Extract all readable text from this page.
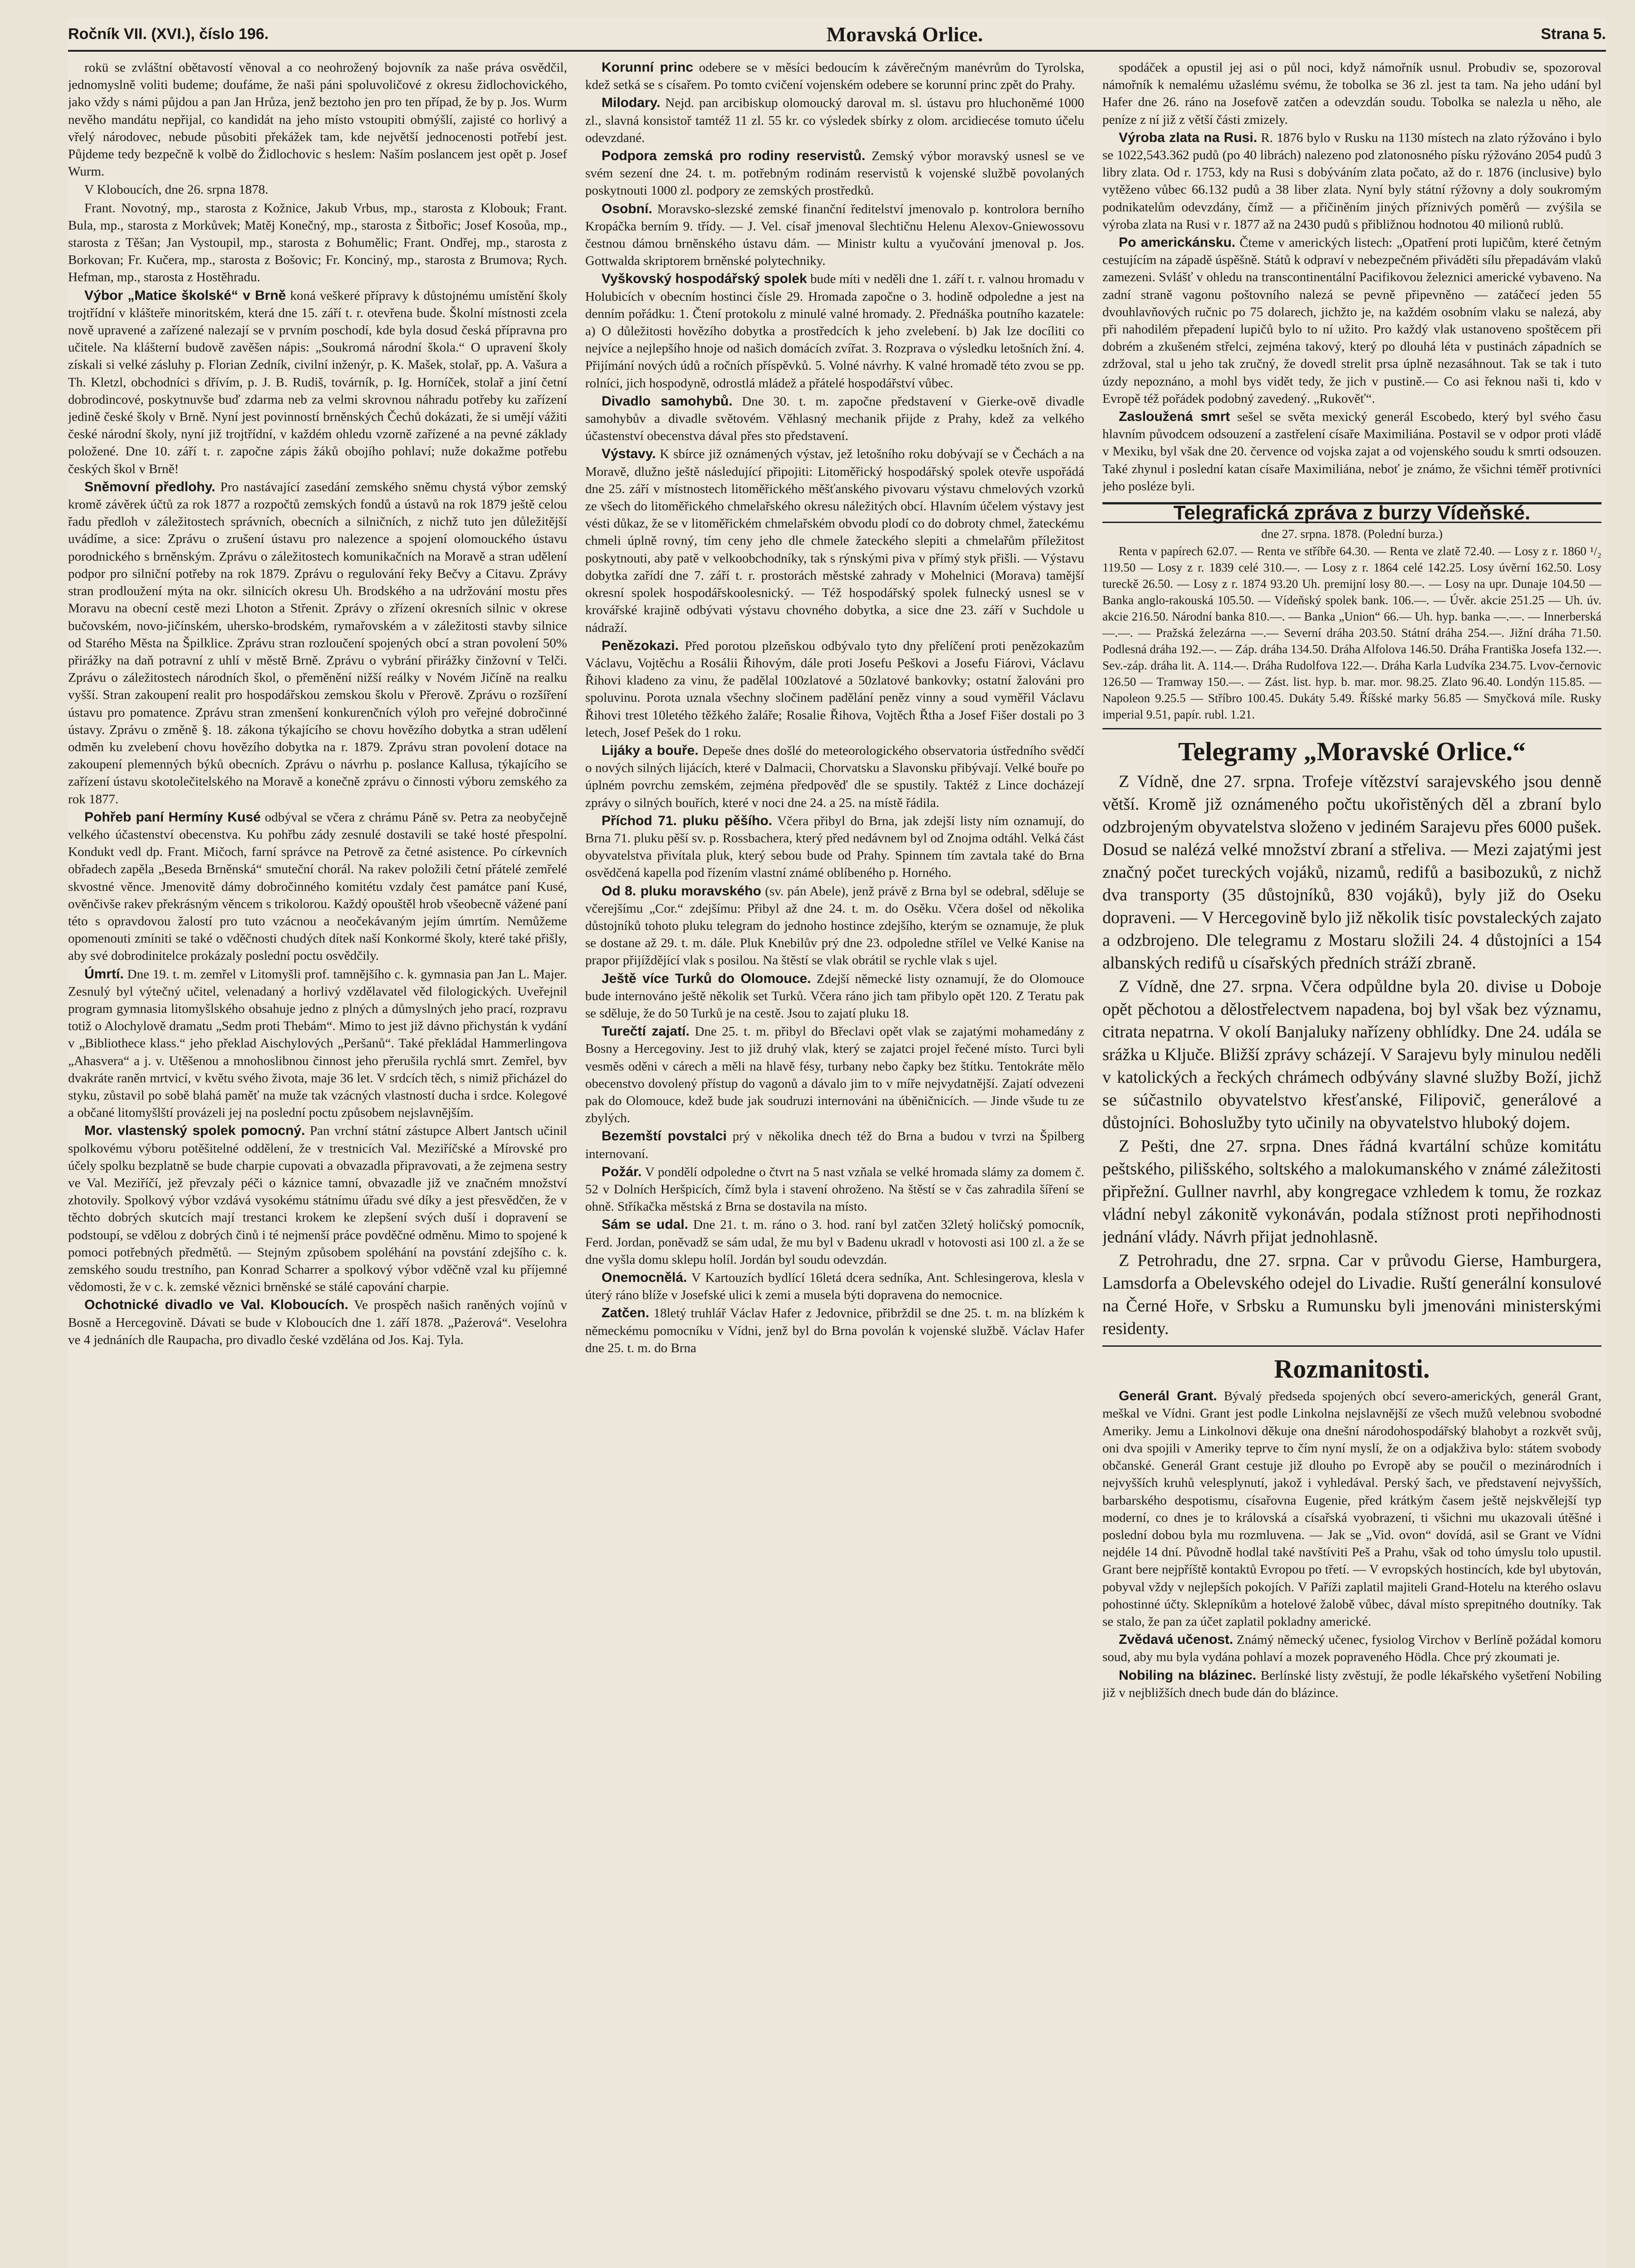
Ročník VII. (XVI.), číslo 196.	Moravská Orlice.	Strana 5.

rokü se zvláštní obětavostí věnoval a co neohrožený bojovník za naše práva osvědčil, jednomyslně voliti budeme; doufáme, že naši páni spoluvoličové z okresu židlochovického, jako vždy s námi půjdou a pan Jan Hrůza, jenž beztoho jen pro ten případ, že by p. Jos. Wurm nevěho mandátu nepřijal, co kandidát na jeho místo vstoupiti obmýšlí, zajisté co horlivý a vřelý národovec, nebude působiti překážek tam, kde největší jednocenosti potřebí jest. Půjdeme tedy bezpečně k volbě do Židlochovic s heslem: Naším poslancem jest opět p. Josef Wurm.

V Kloboucích, dne 26. srpna 1878.

Frant. Novotný, mp., starosta z Kožnice, Jakub Vrbus, mp., starosta z Klobouk; Frant. Bula, mp., starosta z Morkůvek; Matěj Konečný, mp., starosta z Šitbořic; Josef Kosoůa, mp., starosta z Těšan; Jan Vystoupil, mp., starosta z Bohumělic; Frant. Ondřej, mp., starosta z Borkovan; Fr. Kučera, mp., starosta z Bošovic; Fr. Konciný, mp., starosta z Brumova; Rych. Hefman, mp., starosta z Hostěhradu.

Výbor „Matice školské“ v Brně koná veškeré přípravy k důstojnému umístění školy trojtřídní v klášteře minoritském, která dne 15. září t. r. otevřena bude. Školní místnosti zcela nově upravené a zařízené nalezají se v prvním poschodí, kde byla dosud česká přípravna pro učitele. Na klášterní budově zavěšen nápis: „Soukromá národní škola.“ O upravení školy získali si velké zásluhy p. Florian Zedník, civilní inženýr, p. K. Mašek, stolař, pp. A. Vašura a Th. Kletzl, obchodníci s dřívím, p. J. B. Rudiš, továrník, p. Ig. Horníček, stolař a jiní četní dobrodincové, poskytnuvše buď zdarma neb za velmi skrovnou náhradu potřeby ku zařízení jedině české školy v Brně. Nyní jest povinností brněnských Čechů dokázati, že si umějí vážiti české národní školy, nyní již trojtřídní, v každém ohledu vzorně zařízené a na pevné základy položené. Dne 10. září t. r. započne zápis žáků obojího pohlaví; nuže dokažme potřebu českých škol v Brně!

Sněmovní předlohy. Pro nastávající zasedání zemského sněmu chystá výbor zemský kromě závěrek účtů za rok 1877 a rozpočtů zemských fondů a ústavů na rok 1879 ještě celou řadu předloh v záležitostech správních, obecních a silničních, z nichž tuto jen důležitější uvádíme, a sice: Zprávu o zrušení ústavu pro nalezence a spojení olomouckého ústavu porodnického s brněnským. Zprávu o záležitostech komunikačních na Moravě a stran udělení podpor pro silniční potřeby na rok 1879. Zprávu o regulování řeky Bečvy a Citavu. Zprávy stran prodloužení mýta na okr. silnicích okresu Uh. Brodského a na udržování mostu přes Moravu na obecní cestě mezi Lhoton a Střenit. Zprávy o zřízení okresních silnic v okrese bučovském, novo-jičínském, uhersko-brodském, rymařovském a v záležitosti stavby silnice od Starého Města na Špilklice. Zprávu stran rozloučení spojených obcí a stran povolení 50% přirážky na daň potravní z uhlí v městě Brně. Zprávu o vybrání přirážky činžovní v Telči. Zprávu o záležitostech národních škol, o přeměnění nižší reálky v Novém Jičíně na realku vyšší. Stran zakoupení realit pro hospodářskou zemskou školu v Přerově. Zprávu o rozšíření ústavu pro pomatence. Zprávu stran zmenšení konkurenčních výloh pro veřejné dobročinné ústavy. Zprávu o změně §. 18. zákona týkajícího se chovu hovězího dobytka a stran udělení odměn ku zvelebení chovu hovězího dobytka na r. 1879. Zprávu stran povolení dotace na zakoupení plemenných býků obecních. Zprávu o návrhu p. poslance Kallusa, týkajícího se zařízení ústavu skotolečitelského na Moravě a konečně zprávu o činnosti výboru zemského za rok 1877.

Pohřeb paní Hermíny Kusé odbýval se včera z chrámu Páně sv. Petra za neobyčejně velkého účastenství obecenstva. Ku pohřbu zády zesnulé dostavili se také hosté přespolní. Kondukt vedl dp. Frant. Mičoch, farní správce na Petrově za četné asistence. Po církevních obřadech zapěla „Beseda Brněnská“ smuteční chorál. Na rakev položili četní přátelé zemřelé skvostné věnce. Jmenovitě dámy dobročinného komitétu vzdaly čest památce paní Kusé, ověnčivše rakev překrásným věncem s trikolorou. Každý opouštěl hrob všeobecně vážené paní této s opravdovou žalostí pro tuto vzácnou a neočekávaným jejím úmrtím. Nemůžeme opomenouti zmíniti se také o vděčnosti chudých dítek naší Konkormé školy, které také přišly, aby své dobrodinitelce prokázaly poslední poctu osvědčily.

Úmrtí. Dne 19. t. m. zemřel v Litomyšli prof. tamnějšího c. k. gymnasia pan Jan L. Majer. Zesnulý byl výtečný učitel, velenadaný a horlivý vzdělavatel věd filologických. Uveřejnil program gymnasia litomyšlského obsahuje jedno z plných a důmyslných jeho prací, rozpravu totiž o Alochylově dramatu „Sedm proti Thebám“. Mimo to jest již dávno přichystán k vydání v „Bibliothece klass.“ jeho překlad Aischylových „Peršanů“. Také překládal Hammerlingova „Ahasvera“ a j. v. Utěšenou a mnohoslibnou činnost jeho přerušila rychlá smrt. Zemřel, byv dvakráte raněn mrtvicí, v květu svého života, maje 36 let. V srdcích těch, s nimiž přicházel do styku, zůstavil po sobě blahá paměť na muže tak vzácných vlastností ducha i srdce. Kolegové a občané litomyšlští provázeli jej na poslední poctu způsobem nejslavnějším.

Mor. vlastenský spolek pomocný. Pan vrchní státní zástupce Albert Jantsch učinil spolkovému výboru potěšitelné oddělení, že v trestnicích Val. Meziříčské a Mírovské pro účely spolku bezplatně se bude charpie cupovati a obvazadla připravovati, a že zejmena sestry ve Val. Meziříčí, jež převzaly péči o káznice tamní, obvazadle již ve značném množství zhotovily. Spolkový výbor vzdává vysokému státnímu úřadu své díky a jest přesvědčen, že v těchto dobrých skutcích mají trestanci krokem ke zlepšení svých duší i dopravení se podstoupí, se vdělou z dobrých činů i té nejmenší práce povděčné odměnu. Mimo to spojené k pomoci potřebných předmětů. — Stejným způsobem spoléhání na povstání zdejšího c. k. zemského soudu trestního, pan Konrad Scharrer a spolkový výbor vděčně vzal ku příjemné vědomosti, že v c. k. zemské věznici brněnské se stálé capování charpie.

Ochotnické divadlo ve Val. Kloboucích. Ve prospěch našich raněných vojínů v Bosně a Hercegovině. Dávati se bude v Kloboucích dne 1. září 1878. „Paźerová“. Veselohra ve 4 jednáních dle Raupacha, pro divadlo české vzdělána od Jos. Kaj. Tyla.

Korunní princ odebere se v měsíci bedoucím k závěrečným manévrům do Tyrolska, kdež setká se s císařem. Po tomto cvičení vojenském odebere se korunní princ zpět do Prahy.

Milodary. Nejd. pan arcibiskup olomoucký daroval m. sl. ústavu pro hluchoněmé 1000 zl., slavná konsistoř tamtéž 11 zl. 55 kr. co výsledek sbírky z olom. arcidiecése tomuto účelu odevzdané.

Podpora zemská pro rodiny reservistů. Zemský výbor moravský usnesl se ve svém sezení dne 24. t. m. potřebným rodinám reservistů k vojenské službě povolaných poskytnouti 1000 zl. podpory ze zemských prostředků.

Osobní. Moravsko-slezské zemské finanční ředitelství jmenovalo p. kontrolora berního Kropáčka berním 9. třídy. — J. Vel. císař jmenoval šlechtičnu Helenu Alexov-Gniewossovu čestnou dámou brněnského ústavu dám. — Ministr kultu a vyučování jmenoval p. Jos. Gottwalda skriptorem brněnské polytechniky.

Vyškovský hospodářský spolek bude míti v neděli dne 1. září t. r. valnou hromadu v Holubicích v obecním hostinci čísle 29. Hromada započne o 3. hodině odpoledne a jest na denním pořádku: 1. Čtení protokolu z minulé valné hromady. 2. Přednáška poutního kazatele: a) O důležitosti hovězího dobytka a prostředcích k jeho zvelebení. b) Jak lze docíliti co nejvíce a nejlepšího hnoje od našich domácích zvířat. 3. Rozprava o výsledku letošních žní. 4. Přijímání nových údů a ročních příspěvků. 5. Volné návrhy. K valné hromadě této zvou se pp. rolníci, jich hospodyně, odrostlá mládež a přátelé hospodářství vůbec.

Divadlo samohybů. Dne 30. t. m. započne představení v Gierke-ově divadle samohybův a divadle světovém. Věhlasný mechanik přijde z Prahy, kdež za velkého účastenství obecenstva dával přes sto představení.

Výstavy. K sbírce již oznámených výstav, jež letošního roku dobývají se v Čechách a na Moravě, dlužno ještě následující připojiti: Litoměřický hospodářský spolek otevře uspořádá dne 25. září v místnostech litoměřického měšťanského pivovaru výstavu chmelových vzorků ze všech do litoměřického chmelařského okresu náležitých obcí. Hlavním účelem výstavy jest vésti důkaz, že se v litoměřickém chmelařském obvodu plodí co do dobroty chmel, žateckému chmeli úplně rovný, tím ceny jeho dle chmele žateckého slepiti a chmelařům příležitost poskytnouti, aby patě v velkoobchodníky, tak s rýnskými piva v přímý styk přišli. — Výstavu dobytka zařídí dne 7. září t. r. prostorách městské zahrady v Mohelnici (Morava) tamější okresní spolek hospodářskoolesnický. — Též hospodářský spolek fulnecký usnesl se v krovářské krajině odbývati výstavu chovného dobytka, a sice dne 23. září v Suchdole u nádraží.

Penězokazi. Před porotou plzeňskou odbývalo tyto dny přelíčení proti penězokazům Václavu, Vojtěchu a Rosálii Řihovým, dále proti Josefu Peškovi a Josefu Fiárovi, Václavu Řihovi kladeno za vinu, že padělal 100zlatové a 50zlatové bankovky; ostatní žalováni pro spoluvinu. Porota uznala všechny sločinem padělání peněz vinny a soud vyměřil Václavu Řihovi trest 10letého těžkého žaláře; Rosalie Řihova, Vojtěch Řtha a Josef Fišer dostali po 3 letech, Josef Pešek do 1 roku.

Lijáky a bouře. Depeše dnes došlé do meteorologického observatoria ústředního svědčí o nových silných lijácích, které v Dalmacii, Chorvatsku a Slavonsku přibývají. Velké bouře po úplném povrchu zemském, zejména předpověď dle se spustily. Taktéž z Lince docházejí zprávy o silných bouřích, které v noci dne 24. a 25. na místě řádila.

Příchod 71. pluku pěšího. Včera přibyl do Brna, jak zdejší listy ním oznamují, do Brna 71. pluku pěší sv. p. Rossbachera, který před nedávnem byl od Znojma odtáhl. Velká část obyvatelstva přivítala pluk, který sebou bude od Prahy. Spinnem tím zavtala také do Brna osvědčená kapella pod řízením vlastní známé oblíbeného p. Horného.

Od 8. pluku moravského (sv. pán Abele), jenž právě z Brna byl se odebral, sděluje se včerejšímu „Cor.“ zdejšímu: Přibyl až dne 24. t. m. do Osěku. Včera došel od několika důstojníků tohoto pluku telegram do jednoho hostince zdejšího, kterým se oznamuje, že pluk se dostane až 29. t. m. dále. Pluk Knebilův prý dne 23. odpoledne střílel ve Velké Kanise na prapor přijíždějící vlak s posilou. Na štěstí se vlak obrátil se rychle vlak s ujel.

Ještě více Turků do Olomouce. Zdejší německé listy oznamují, že do Olomouce bude internováno ještě několik set Turků. Včera ráno jich tam přibylo opět 120. Z Teratu pak se sděluje, že do 50 Turků je na cestě. Jsou to zajatí pluku 18.

Turečtí zajatí. Dne 25. t. m. přibyl do Břeclavi opět vlak se zajatými mohamedány z Bosny a Hercegoviny. Jest to již druhý vlak, který se zajatci projel řečené místo. Turci byli vesměs oděni v cárech a měli na hlavě fésy, turbany nebo čapky bez štítku. Tentokráte mělo obecenstvo dovolený přístup do vagonů a dávalo jim to v míře nejvydatnější. Zajatí odvezeni pak do Olomouce, kdež bude jak soudruzi internováni na úběničnicích. — Jinde všude tu ze zbylých.

Bezemští povstalci prý v několika dnech též do Brna a budou v tvrzi na Špilberg internovaní.

Požár. V pondělí odpoledne o čtvrt na 5 nast vzňala se velké hromada slámy za domem č. 52 v Dolních Heršpicích, čímž byla i stavení ohroženo. Na štěstí se v čas zahradila šíření se ohně. Stříkačka městská z Brna se dostavila na místo.

Sám se udal. Dne 21. t. m. ráno o 3. hod. raní byl zatčen 32letý holičský pomocník, Ferd. Jordan, poněvadž se sám udal, že mu byl v Badenu ukradl v hotovosti asi 100 zl. a že se dne vyšla domu sklepu holíl. Jordán byl soudu odevzdán.

Onemocnělá. V Kartouzích bydlící 16letá dcera sedníka, Ant. Schlesingerova, klesla v úterý ráno blíže v Josefské ulici k zemi a musela býti dopravena do nemocnice.

Zatčen. 18letý truhlář Václav Hafer z Jedovnice, přibrždil se dne 25. t. m. na blízkém k německému pomocníku v Vídni, jenž byl do Brna povolán k vojenské službě. Václav Hafer dne 25. t. m. do Brna

spodáček a opustil jej asi o půl noci, když námořník usnul. Probudiv se, spozoroval námořník k nemalému užaslému svému, že tobolka se 36 zl. jest ta tam. Na jeho udání byl Hafer dne 26. ráno na Josefově zatčen a odevzdán soudu. Tobolka se nalezla u něho, ale peníze z ní již z větší části zmizely.

Výroba zlata na Rusi. R. 1876 bylo v Rusku na 1130 místech na zlato rýžováno i bylo se 1022,543.362 pudů (po 40 librách) nalezeno pod zlatonosného písku rýžováno 2054 pudů 3 libry zlata. Od r. 1753, kdy na Rusi s dobýváním zlata počato, až do r. 1876 (inclusive) bylo vytěženo vůbec 66.132 pudů a 38 liber zlata. Nyní byly státní rýžovny a doly soukromým podnikatelům odevzdány, čímž — a přičiněním jiných příznivých poměrů — zvýšila se výroba zlata na Rusi v r. 1877 až na 2430 pudů s přibližnou hodnotou 40 milionů rublů.

Po americkánsku. Čteme v amerických listech: „Opatření proti lupičům, které četným cestujícím na západě úspěšně. Států k odpraví v nebezpečném přiváděti sílu přepadávám vlaků zamezeni. Svlášť v ohledu na transcontinentální Pacifikovou železnici americké vybaveno. Na zadní straně vagonu poštovního nalezá se pevně připevněno — zatáčecí jeden 55 dvouhlavňových ručnic po 75 dolarech, jichžto je, na každém osobním vlaku se nalezá, aby při nahodilém přepadení lupičů bylo to ní užito. Pro každý vlak ustanoveno spoštěcem při dobrém a zkušeném střelci, zejména takový, který po dlouhá léta v pustinách západních se zdržoval, stal u jeho tak zručný, že dovedl strelit prsa úplně nezasáhnout. Tak se tak i tuto úzdy nepoznáno, a mohl bys vidět tedy, že jich v pustině.— Co asi řeknou naši ti, kdo v Evropě též pořádek podobný zavedený. „Rukověť“.

Zasloužená smrt sešel se světa mexický generál Escobedo, který byl svého času hlavním původcem odsouzení a zastřelení císaře Maximiliána. Postavil se v odpor proti vládě v Mexiku, byl však dne 20. července od vojska zajat a od vojenského soudu k smrti odsouzen. Také zhynul i poslední katan císaře Maximiliána, neboť je známo, že všichni téměř protivníci jeho posléze byli.

Telegrafická zpráva z burzy Vídeňské.

dne 27. srpna. 1878. (Polední burza.)

Renta v papírech 62.07. — Renta ve stříbře 64.30. — Renta ve zlatě 72.40. — Losy z r. 1860 ¹/₂ 119.50 — Losy z r. 1839 celé 310.—. — Losy z r. 1864 celé 142.25. Losy úvěrní 162.50. Losy tureckě 26.50. — Losy z r. 1874 93.20 Uh. premijní losy 80.—. — Losy na upr. Dunaje 104.50 — Banka anglo-rakouská 105.50. — Vídeňský spolek bank. 106.—. — Úvěr. akcie 251.25 — Uh. úv. akcie 216.50. Národní banka 810.—. — Banka „Union“ 66.— Uh. hyp. banka —.—. — Innerberská —.—. — Pražská železárna —.— Severní dráha 203.50. Státní dráha 254.—. Jižní dráha 71.50. Podlesná dráha 192.—. — Záp. dráha 134.50. Dráha Alfolova 146.50. Dráha Františka Josefa 132.—. Sev.-záp. dráha lit. A. 114.—. Dráha Rudolfova 122.—. Dráha Karla Ludvíka 234.75. Lvov-černovic 126.50 — Tramway 150.—. — Zást. list. hyp. b. mar. mor. 98.25. Zlato 96.40. Londýn 115.85. — Napoleon 9.25.5 — Stříbro 100.45. Dukáty 5.49. Říšské marky 56.85 — Smyčková míle. Rusky imperial 9.51, papír. rubl. 1.21.

Telegramy „Moravské Orlice.“

Z Vídně, dne 27. srpna. Trofeje vítězství sarajevského jsou denně větší. Kromě již oznámeného počtu ukořistěných děl a zbraní bylo odzbrojeným obyvatelstva složeno v jediném Sarajevu přes 6000 pušek. Dosud se nalézá velké množství zbraní a střeliva. — Mezi zajatými jest značný počet tureckých vojáků, nizamů, redifů a basibozuků, z nichž dva transporty (35 důstojníků, 830 vojáků), byly již do Oseku dopraveni. — V Hercegovině bylo již několik tisíc povstaleckých zajato a odzbrojeno. Dle telegramu z Mostaru složili 24. 4 důstojníci a 154 albanských redifů u císařských předních stráží zbraně.

Z Vídně, dne 27. srpna. Včera odpůldne byla 20. divise u Doboje opět pěchotou a dělostřelectvem napadena, boj byl však bez významu, citrata nepatrna. V okolí Banjaluky nařízeny obhlídky. Dne 24. udála se srážka u Ključe. Bližší zprávy scházejí. V Sarajevu byly minulou neděli v katolických a řeckých chrámech odbývány slavné služby Boží, jichž se súčastnilo obyvatelstvo křesťanské, Filipovič, generálové a důstojníci. Bohoslužby tyto učinily na obyvatelstvo hluboký dojem.

Z Pešti, dne 27. srpna. Dnes řádná kvartální schůze komitátu peštského, pilišského, soltského a malokumanského v známé záležitosti připřežní. Gullner navrhl, aby kongregace vzhledem k tomu, že rozkaz vládní nebyl zákonitě vykonáván, podala stížnost proti nepřihodnosti jednání vlády. Návrh přijat jednohlasně.

Z Petrohradu, dne 27. srpna. Car v průvodu Gierse, Hamburgera, Lamsdorfa a Obelevského odejel do Livadie. Ruští generální konsulové na Černé Hoře, v Srbsku a Rumunsku byli jmenováni ministerskými residenty.

Rozmanitosti.

Generál Grant. Bývalý předseda spojených obcí severo-amerických, generál Grant, meškal ve Vídni. Grant jest podle Linkolna nejslavnější ze všech mužů velebnou svobodné Ameriky. Jemu a Linkolnovi děkuje ona dnešní národohospodářský blahobyt a rozkvět svůj, oni dva spojili v Ameriky teprve to čím nyní myslí, že on a odjakživa bylo: státem svobody občanské. Generál Grant cestuje již dlouho po Evropě aby se poučil o mezinárodních i nejvyšších kruhů velesplynutí, jakož i vyhledával. Perský šach, ve představení nejvyšších, barbarského despotismu, císařovna Eugenie, před krátkým časem ještě nejskvělejší typ moderní, co dnes je to královská a císařská vyobrazení, ti všichni mu ukazovali útěšné i poslední dobou byla mu rozmluvena. — Jak se „Vid. ovon“ dovídá, asil se Grant ve Vídni nejdéle 14 dní. Původně hodlal také navštíviti Peš a Prahu, však od toho úmyslu tolo upustil. Grant bere nejpříště kontaktů Evropou po třetí. — V evropských hostincích, kde byl ubytován, pobyval vždy v nejlepších pokojích. V Paříži zaplatil majiteli Grand-Hotelu na kterého oslavu pohostinné účty. Sklepníkům a hotelové žalobě vůbec, dával místo sprepitného doutníky. Tak se stalo, že pan za účet zaplatil pokladny americké.

Zvědavá učenost. Známý německý učenec, fysiolog Virchov v Berlíně požádal komoru soud, aby mu byla vydána pohlaví a mozek popraveného Hödla. Chce prý zkoumati je.

Nobiling na blázinec. Berlínské listy zvěstují, že podle lékařského vyšetření Nobiling již v nejbližších dnech bude dán do blázince.
